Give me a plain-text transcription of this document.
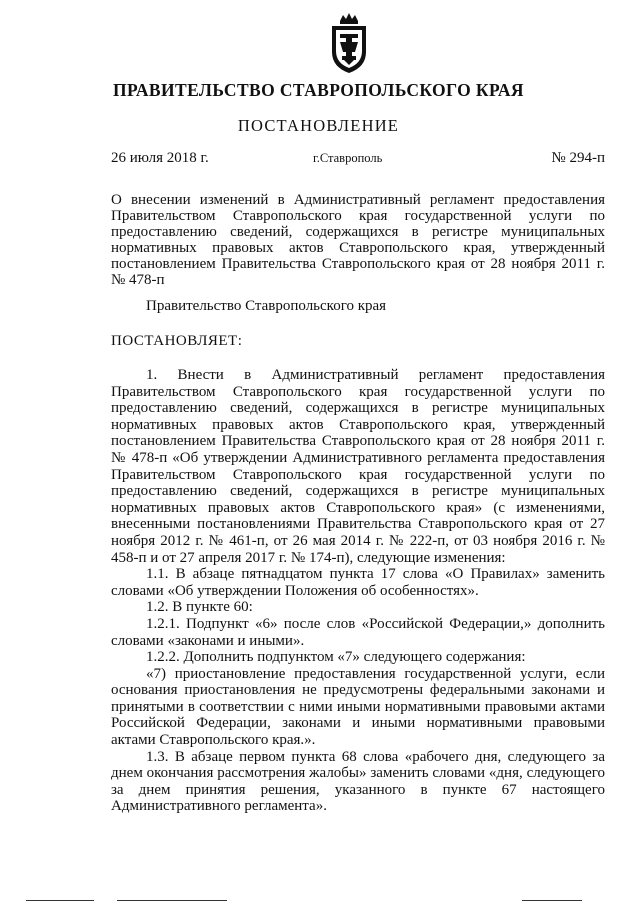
ПРАВИТЕЛЬСТВО СТАВРОПОЛЬСКОГО КРАЯ
ПОСТАНОВЛЕНИЕ
26 июля 2018 г.	г.Ставрополь	№ 294-п

О внесении изменений в Административный регламент предоставления Правительством Ставропольского края государственной услуги по предоставлению сведений, содержащихся в регистре муниципальных нормативных правовых актов Ставропольского края, утвержденный постановлением Правительства Ставропольского края от 28 ноября 2011 г. № 478-п

Правительство Ставропольского края

ПОСТАНОВЛЯЕТ:

1. Внести в Административный регламент предоставления Правительством Ставропольского края государственной услуги по предоставлению сведений, содержащихся в регистре муниципальных нормативных правовых актов Ставропольского края, утвержденный постановлением Правительства Ставропольского края от 28 ноября 2011 г. № 478-п «Об утверждении Административного регламента предоставления Правительством Ставропольского края государственной услуги по предоставлению сведений, содержащихся в регистре муниципальных нормативных правовых актов Ставропольского края» (с изменениями, внесенными постановлениями Правительства Ставропольского края от 27 ноября 2012 г. № 461-п, от 26 мая 2014 г. № 222-п, от 03 ноября 2016 г. № 458-п и от 27 апреля 2017 г. № 174-п), следующие изменения:

1.1. В абзаце пятнадцатом пункта 17 слова «О Правилах» заменить словами «Об утверждении Положения об особенностях».

1.2. В пункте 60:

1.2.1. Подпункт «6» после слов «Российской Федерации,» дополнить словами «законами и иными».

1.2.2. Дополнить подпунктом «7» следующего содержания:

«7) приостановление предоставления государственной услуги, если основания приостановления не предусмотрены федеральными законами и принятыми в соответствии с ними иными нормативными правовыми актами Российской Федерации, законами и иными нормативными правовыми актами Ставропольского края.».

1.3. В абзаце первом пункта 68 слова «рабочего дня, следующего за днем окончания рассмотрения жалобы» заменить словами «дня, следующего за днем принятия решения, указанного в пункте 67 настоящего Административного регламента».
